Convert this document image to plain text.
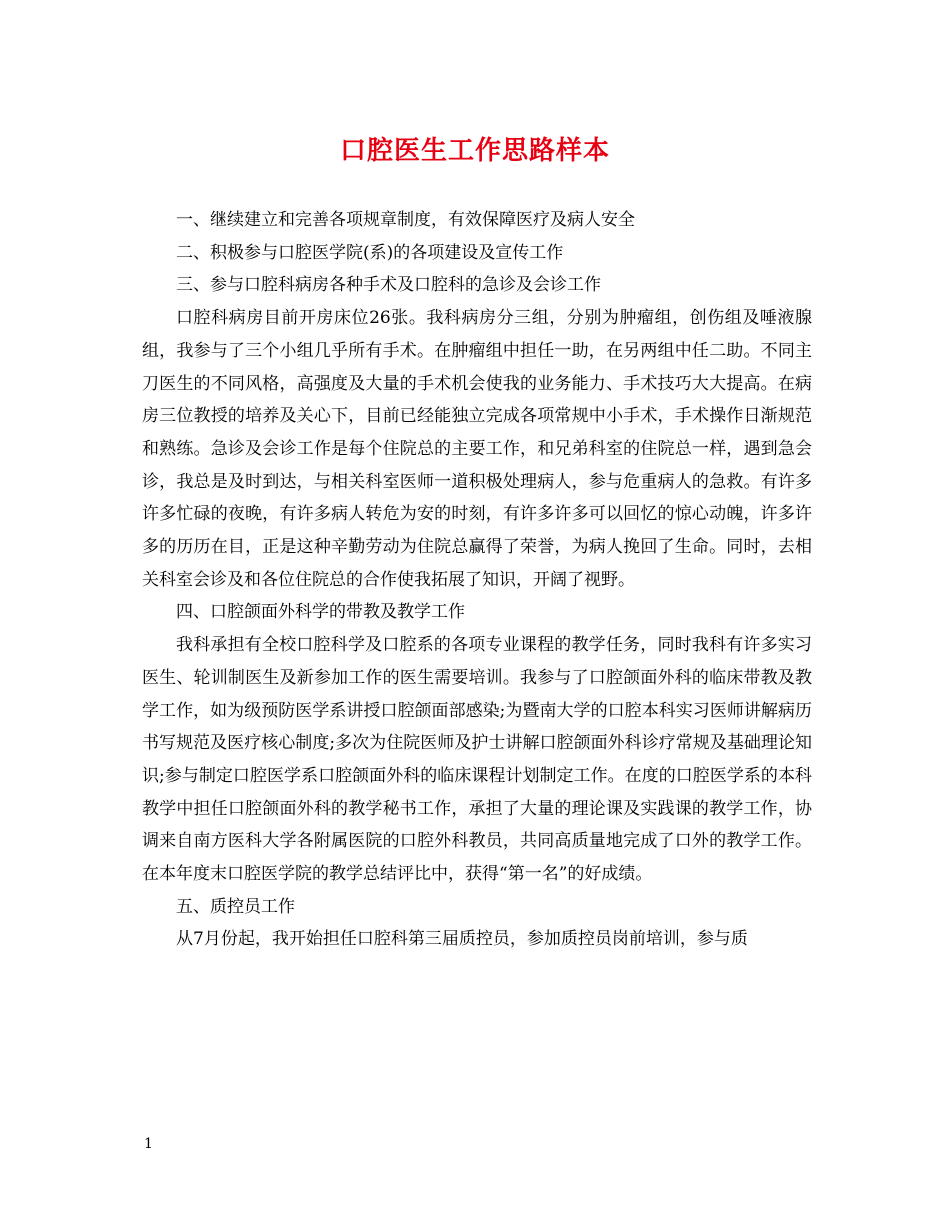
口腔医生工作思路样本

一、继续建立和完善各项规章制度，有效保障医疗及病人安全

二、积极参与口腔医学院(系)的各项建设及宣传工作

三、参与口腔科病房各种手术及口腔科的急诊及会诊工作

口腔科病房目前开房床位26张。我科病房分三组，分别为肿瘤组，创伤组及唾液腺组，我参与了三个小组几乎所有手术。在肿瘤组中担任一助，在另两组中任二助。不同主刀医生的不同风格，高强度及大量的手术机会使我的业务能力、手术技巧大大提高。在病房三位教授的培养及关心下，目前已经能独立完成各项常规中小手术，手术操作日渐规范和熟练。急诊及会诊工作是每个住院总的主要工作，和兄弟科室的住院总一样，遇到急会诊，我总是及时到达，与相关科室医师一道积极处理病人，参与危重病人的急救。有许多许多忙碌的夜晚，有许多病人转危为安的时刻，有许多许多可以回忆的惊心动魄，许多许多的历历在目，正是这种辛勤劳动为住院总赢得了荣誉，为病人挽回了生命。同时，去相关科室会诊及和各位住院总的合作使我拓展了知识，开阔了视野。

四、口腔颌面外科学的带教及教学工作

我科承担有全校口腔科学及口腔系的各项专业课程的教学任务，同时我科有许多实习医生、轮训制医生及新参加工作的医生需要培训。我参与了口腔颌面外科的临床带教及教学工作，如为级预防医学系讲授口腔颌面部感染;为暨南大学的口腔本科实习医师讲解病历书写规范及医疗核心制度;多次为住院医师及护士讲解口腔颌面外科诊疗常规及基础理论知识;参与制定口腔医学系口腔颌面外科的临床课程计划制定工作。在度的口腔医学系的本科教学中担任口腔颌面外科的教学秘书工作，承担了大量的理论课及实践课的教学工作，协调来自南方医科大学各附属医院的口腔外科教员，共同高质量地完成了口外的教学工作。在本年度末口腔医学院的教学总结评比中，获得“第一名”的好成绩。

五、质控员工作

从7月份起，我开始担任口腔科第三届质控员，参加质控员岗前培训，参与质

1
